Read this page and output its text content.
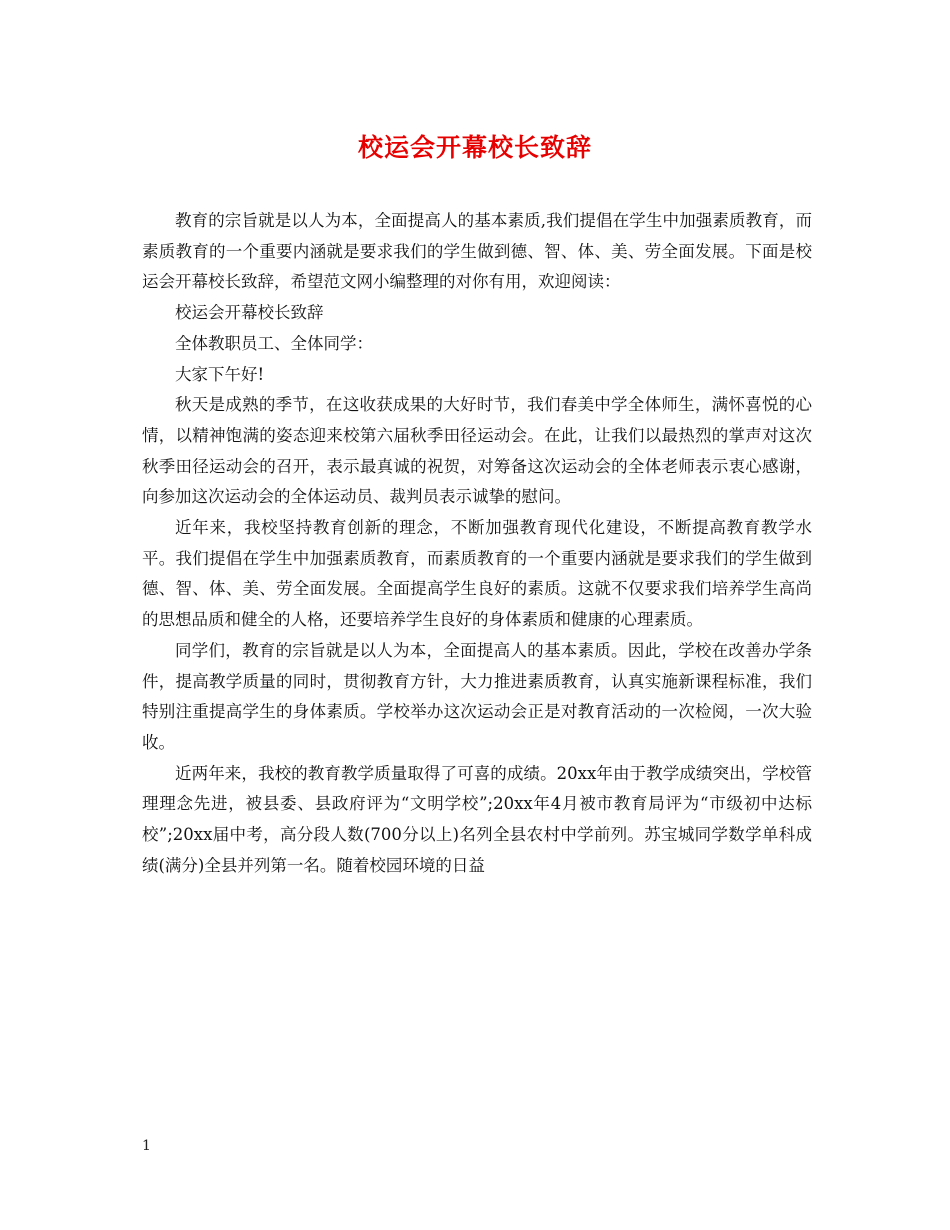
校运会开幕校长致辞

教育的宗旨就是以人为本，全面提高人的基本素质,我们提倡在学生中加强素质教育，而素质教育的一个重要内涵就是要求我们的学生做到德、智、体、美、劳全面发展。下面是校运会开幕校长致辞，希望范文网小编整理的对你有用，欢迎阅读：

校运会开幕校长致辞

全体教职员工、全体同学：

大家下午好!

秋天是成熟的季节，在这收获成果的大好时节，我们春美中学全体师生，满怀喜悦的心情，以精神饱满的姿态迎来校第六届秋季田径运动会。在此，让我们以最热烈的掌声对这次秋季田径运动会的召开，表示最真诚的祝贺，对筹备这次运动会的全体老师表示衷心感谢，向参加这次运动会的全体运动员、裁判员表示诚挚的慰问。

近年来，我校坚持教育创新的理念，不断加强教育现代化建设，不断提高教育教学水平。我们提倡在学生中加强素质教育，而素质教育的一个重要内涵就是要求我们的学生做到德、智、体、美、劳全面发展。全面提高学生良好的素质。这就不仅要求我们培养学生高尚的思想品质和健全的人格，还要培养学生良好的身体素质和健康的心理素质。

同学们，教育的宗旨就是以人为本，全面提高人的基本素质。因此，学校在改善办学条件，提高教学质量的同时，贯彻教育方针，大力推进素质教育，认真实施新课程标准，我们特别注重提高学生的身体素质。学校举办这次运动会正是对教育活动的一次检阅，一次大验收。

近两年来，我校的教育教学质量取得了可喜的成绩。20xx年由于教学成绩突出，学校管理理念先进，被县委、县政府评为“文明学校”;20xx年4月被市教育局评为“市级初中达标校”;20xx届中考，高分段人数(700分以上)名列全县农村中学前列。苏宝城同学数学单科成绩(满分)全县并列第一名。随着校园环境的日益

1
